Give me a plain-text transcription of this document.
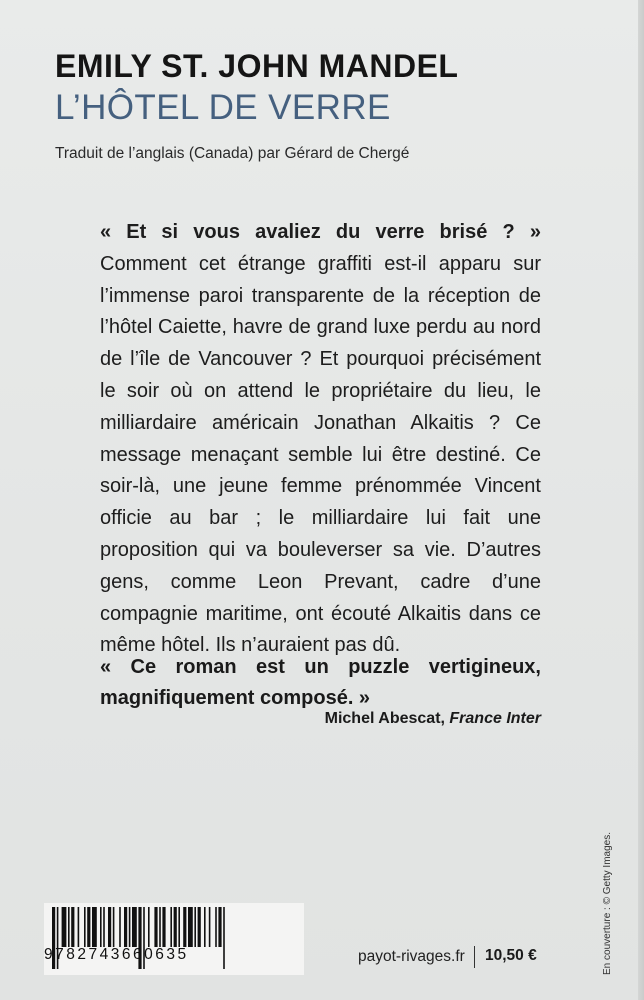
EMILY ST. JOHN MANDEL
L’HÔTEL DE VERRE
Traduit de l’anglais (Canada) par Gérard de Chergé
« Et si vous avaliez du verre brisé ? » Comment cet étrange graffiti est-il apparu sur l’immense paroi transparente de la réception de l’hôtel Caiette, havre de grand luxe perdu au nord de l’île de Vancouver ? Et pourquoi précisément le soir où on attend le propriétaire du lieu, le milliardaire américain Jonathan Alkaitis ? Ce message menaçant semble lui être destiné. Ce soir-là, une jeune femme prénommée Vincent officie au bar ; le milliardaire lui fait une proposition qui va bouleverser sa vie. D’autres gens, comme Leon Prevant, cadre d’une compagnie maritime, ont écouté Alkaitis dans ce même hôtel. Ils n’auraient pas dû.
« Ce roman est un puzzle vertigineux, magnifiquement composé. »
Michel Abescat, France Inter
9782743660635	payot-rivages.fr 10,50 €	En couverture : © Getty Images.
